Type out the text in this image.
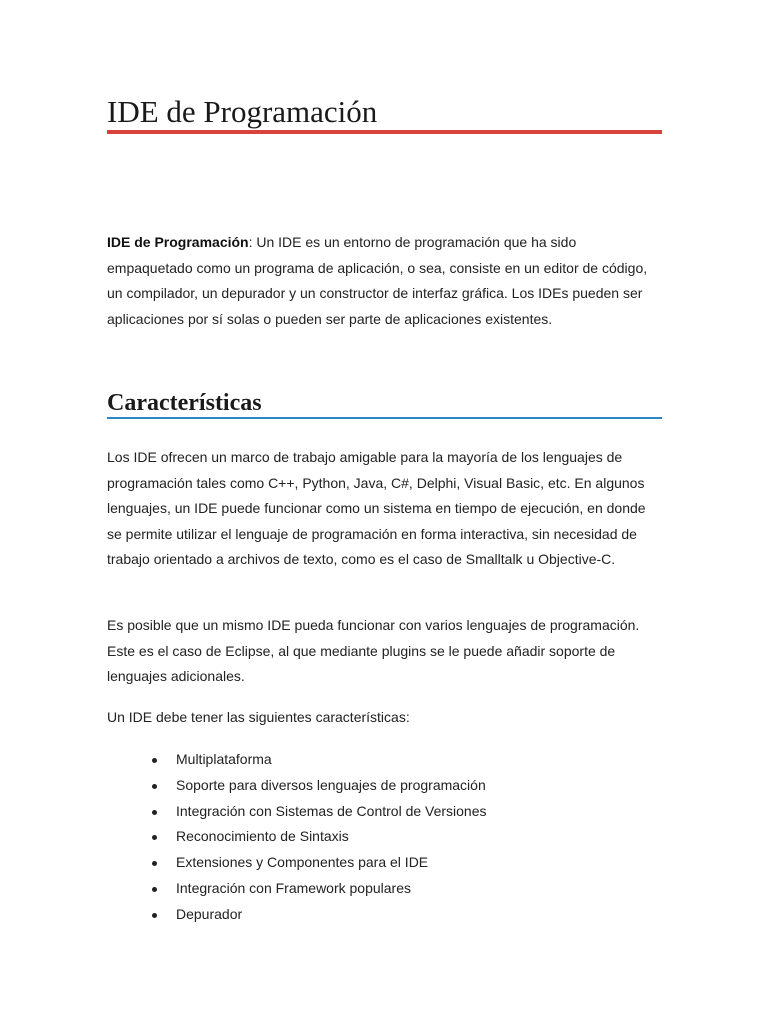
IDE de Programación

IDE de Programación: Un IDE es un entorno de programación que ha sido empaquetado como un programa de aplicación, o sea, consiste en un editor de código, un compilador, un depurador y un constructor de interfaz gráfica. Los IDEs pueden ser aplicaciones por sí solas o pueden ser parte de aplicaciones existentes.

Características

Los IDE ofrecen un marco de trabajo amigable para la mayoría de los lenguajes de programación tales como C++, Python, Java, C#, Delphi, Visual Basic, etc. En algunos lenguajes, un IDE puede funcionar como un sistema en tiempo de ejecución, en donde se permite utilizar el lenguaje de programación en forma interactiva, sin necesidad de trabajo orientado a archivos de texto, como es el caso de Smalltalk u Objective-C.

Es posible que un mismo IDE pueda funcionar con varios lenguajes de programación. Este es el caso de Eclipse, al que mediante plugins se le puede añadir soporte de lenguajes adicionales.

Un IDE debe tener las siguientes características:

Multiplataforma
Soporte para diversos lenguajes de programación
Integración con Sistemas de Control de Versiones
Reconocimiento de Sintaxis
Extensiones y Componentes para el IDE
Integración con Framework populares
Depurador
